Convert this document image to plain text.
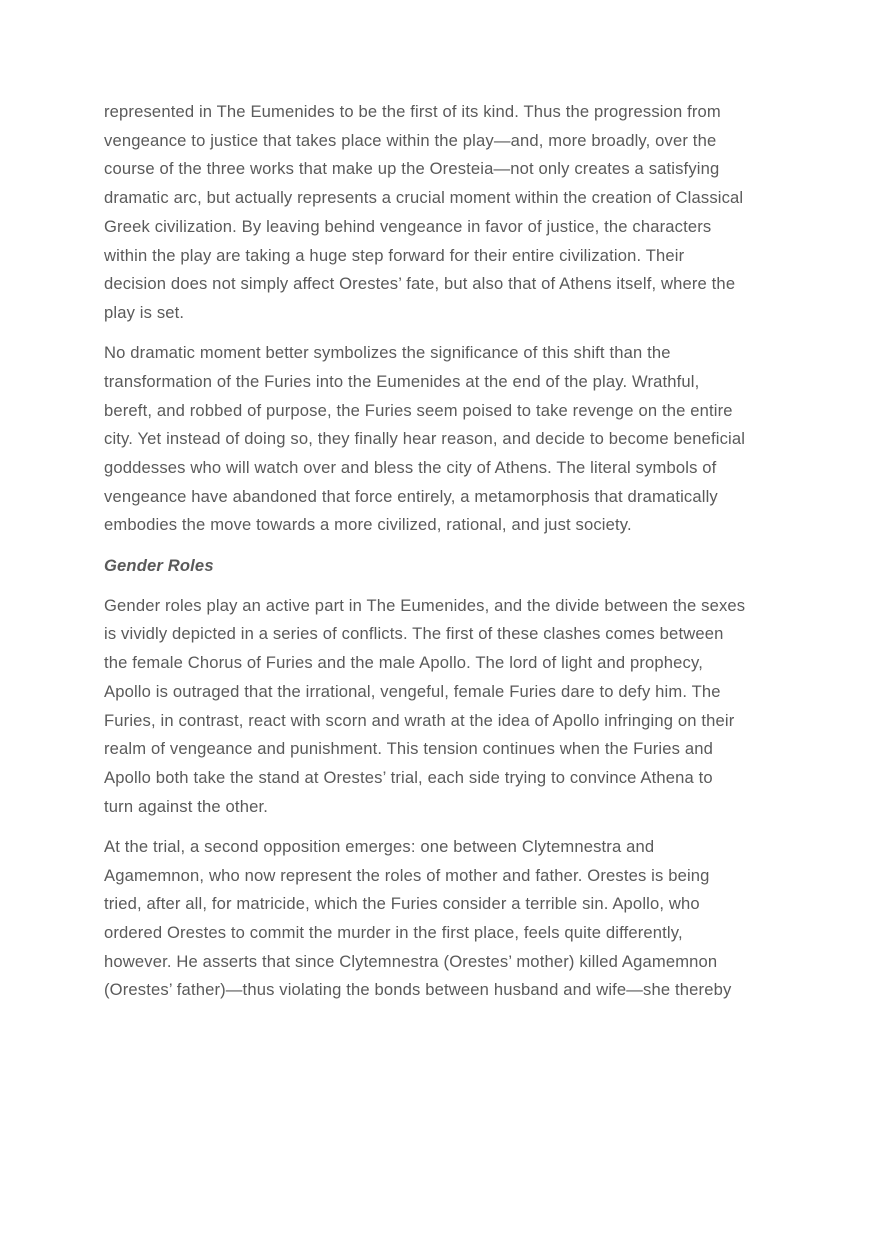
represented in The Eumenides to be the first of its kind. Thus the progression from
vengeance to justice that takes place within the play—and, more broadly, over the
course of the three works that make up the Oresteia—not only creates a satisfying
dramatic arc, but actually represents a crucial moment within the creation of Classical
Greek civilization. By leaving behind vengeance in favor of justice, the characters
within the play are taking a huge step forward for their entire civilization. Their
decision does not simply affect Orestes’ fate, but also that of Athens itself, where the
play is set.

No dramatic moment better symbolizes the significance of this shift than the
transformation of the Furies into the Eumenides at the end of the play. Wrathful,
bereft, and robbed of purpose, the Furies seem poised to take revenge on the entire
city. Yet instead of doing so, they finally hear reason, and decide to become beneficial
goddesses who will watch over and bless the city of Athens. The literal symbols of
vengeance have abandoned that force entirely, a metamorphosis that dramatically
embodies the move towards a more civilized, rational, and just society.

Gender Roles

Gender roles play an active part in The Eumenides, and the divide between the sexes
is vividly depicted in a series of conflicts. The first of these clashes comes between
the female Chorus of Furies and the male Apollo. The lord of light and prophecy,
Apollo is outraged that the irrational, vengeful, female Furies dare to defy him. The
Furies, in contrast, react with scorn and wrath at the idea of Apollo infringing on their
realm of vengeance and punishment. This tension continues when the Furies and
Apollo both take the stand at Orestes’ trial, each side trying to convince Athena to
turn against the other.

At the trial, a second opposition emerges: one between Clytemnestra and
Agamemnon, who now represent the roles of mother and father. Orestes is being
tried, after all, for matricide, which the Furies consider a terrible sin. Apollo, who
ordered Orestes to commit the murder in the first place, feels quite differently,
however. He asserts that since Clytemnestra (Orestes’ mother) killed Agamemnon
(Orestes’ father)—thus violating the bonds between husband and wife—she thereby
